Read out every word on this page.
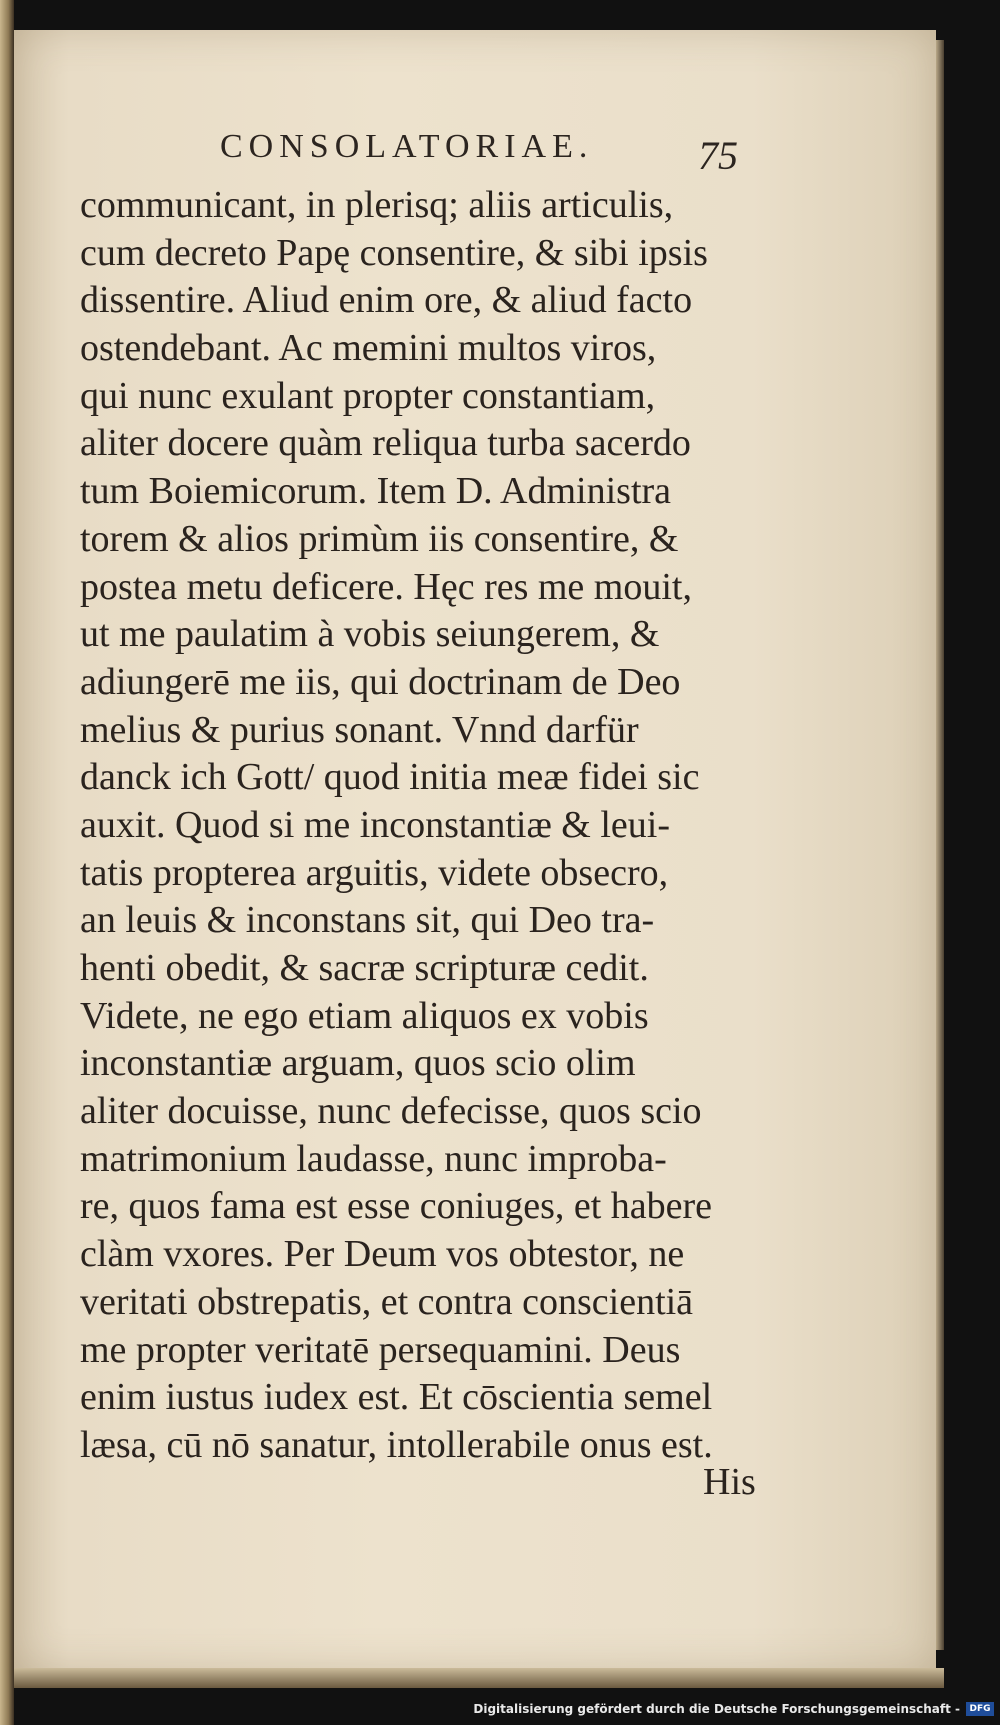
CONSOLATORIAE.	75
communicant, in plerisq; aliis articulis,
cum decreto Papę consentire, & sibi ipsis
dissentire. Aliud enim ore, & aliud facto
ostendebant. Ac memini multos viros,
qui nunc exulant propter constantiam,
aliter docere quàm reliqua turba sacerdo
tum Boiemicorum. Item D. Administra
torem & alios primùm iis consentire, &
postea metu deficere. Hęc res me mouit,
ut me paulatim à vobis seiungerem, &
adiungerē me iis, qui doctrinam de Deo
melius & purius sonant. Vnnd darfür
danck ich Gott/ quod initia meæ fidei sic
auxit. Quod si me inconstantiæ & leui-
tatis propterea arguitis, videte obsecro,
an leuis & inconstans sit, qui Deo tra-
henti obedit, & sacræ scripturæ cedit.
Videte, ne ego etiam aliquos ex vobis
inconstantiæ arguam, quos scio olim
aliter docuisse, nunc defecisse, quos scio
matrimonium laudasse, nunc improba-
re, quos fama est esse coniuges, et habere
clàm vxores. Per Deum vos obtestor, ne
veritati obstrepatis, et contra conscientiā
me propter veritatē persequamini. Deus
enim iustus iudex est. Et cōscientia semel
læsa, cū nō sanatur, intollerabile onus est.
His
Digitalisierung gefördert durch die Deutsche Forschungsgemeinschaft -	DFG
